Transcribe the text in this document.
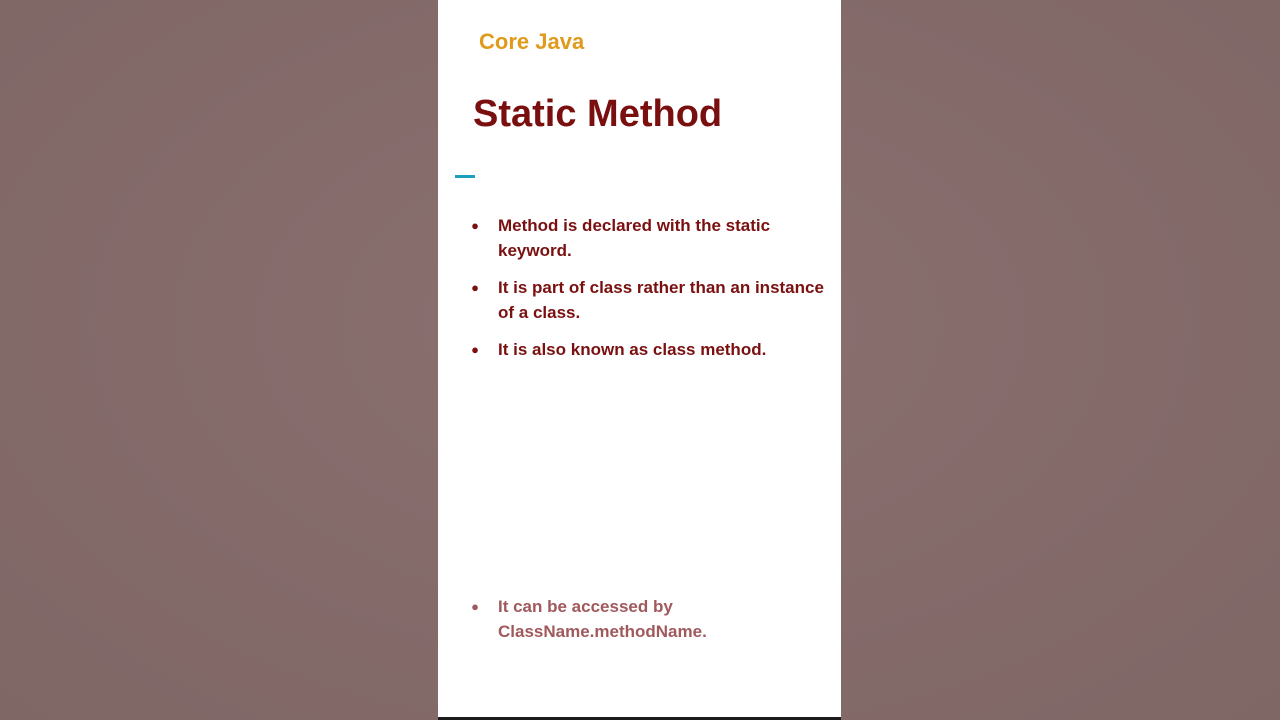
Core Java
Static Method
● Method is declared with the static
keyword.
● It is part of class rather than an instance
of a class.
● It is also known as class method.
● It can be accessed by
ClassName.methodName.
